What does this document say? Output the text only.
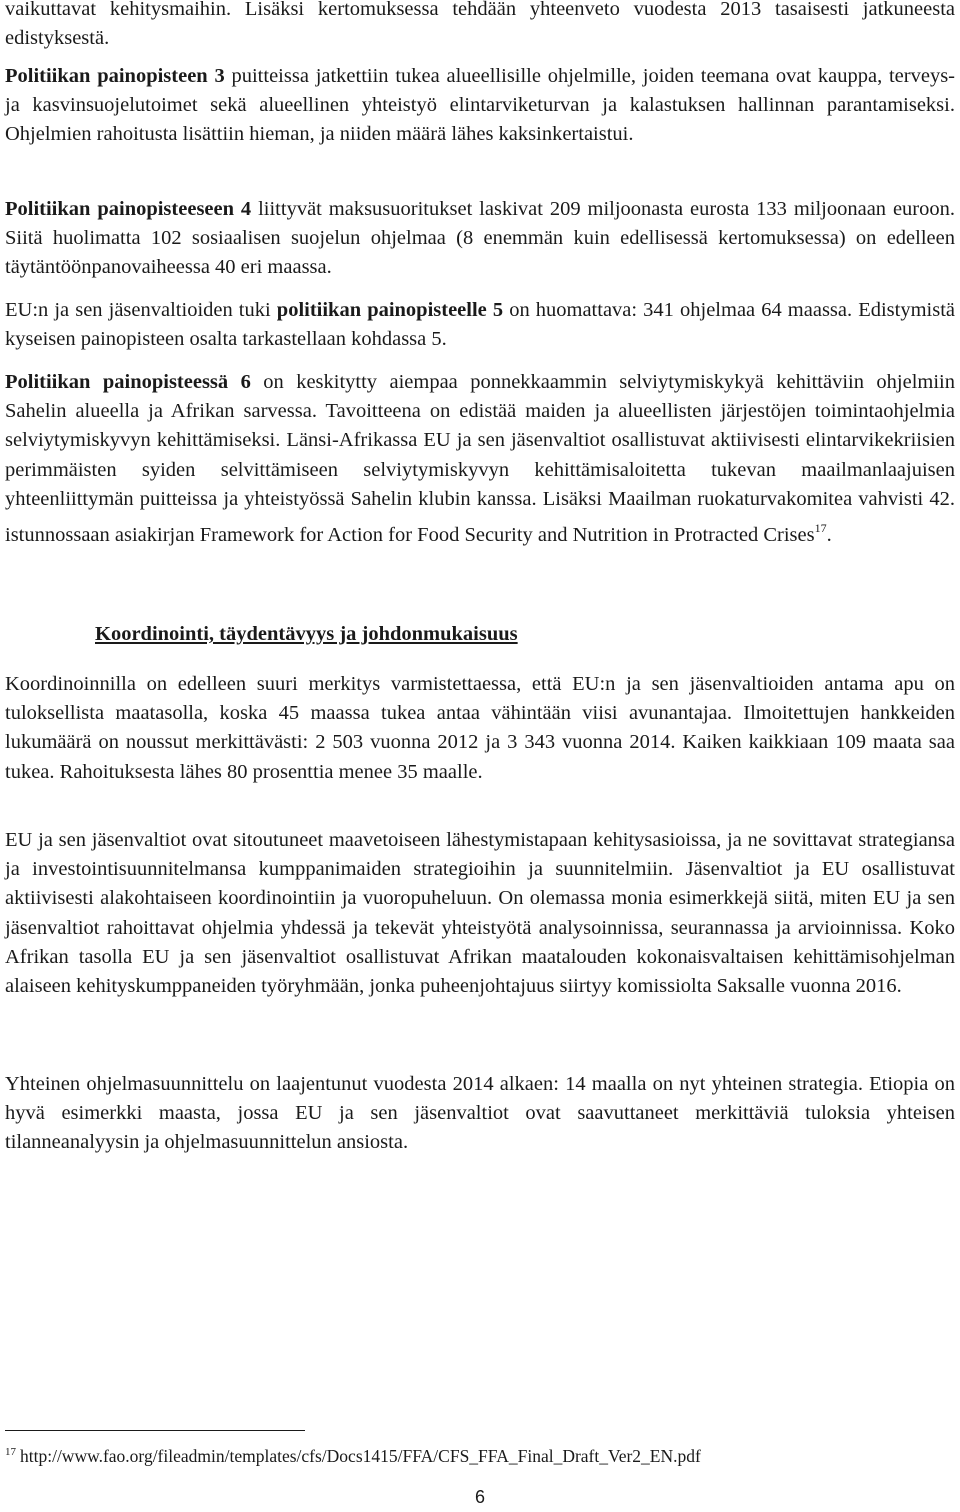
vaikuttavat kehitysmaihin. Lisäksi kertomuksessa tehdään yhteenveto vuodesta 2013 tasaisesti jatkuneesta edistyksestä.

Politiikan painopisteen 3 puitteissa jatkettiin tukea alueellisille ohjelmille, joiden teemana ovat kauppa, terveys- ja kasvinsuojelutoimet sekä alueellinen yhteistyö elintarviketurvan ja kalastuksen hallinnan parantamiseksi. Ohjelmien rahoitusta lisättiin hieman, ja niiden määrä lähes kaksinkertaistui.

Politiikan painopisteeseen 4 liittyvät maksusuoritukset laskivat 209 miljoonasta eurosta 133 miljoonaan euroon. Siitä huolimatta 102 sosiaalisen suojelun ohjelmaa (8 enemmän kuin edellisessä kertomuksessa) on edelleen täytäntöönpanovaiheessa 40 eri maassa.

EU:n ja sen jäsenvaltioiden tuki politiikan painopisteelle 5 on huomattava: 341 ohjelmaa 64 maassa. Edistymistä kyseisen painopisteen osalta tarkastellaan kohdassa 5.

Politiikan painopisteessä 6 on keskitytty aiempaa ponnekkaammin selviytymiskykyä kehittäviin ohjelmiin Sahelin alueella ja Afrikan sarvessa. Tavoitteena on edistää maiden ja alueellisten järjestöjen toimintaohjelmia selviytymiskyvyn kehittämiseksi. Länsi-Afrikassa EU ja sen jäsenvaltiot osallistuvat aktiivisesti elintarvikekriisien perimmäisten syiden selvittämiseen selviytymiskyvyn kehittämisaloitetta tukevan maailmanlaajuisen yhteenliittymän puitteissa ja yhteistyössä Sahelin klubin kanssa. Lisäksi Maailman ruokaturvakomitea vahvisti 42. istunnossaan asiakirjan Framework for Action for Food Security and Nutrition in Protracted Crises$^{17}$.

Koordinointi, täydentävyys ja johdonmukaisuus

Koordinoinnilla on edelleen suuri merkitys varmistettaessa, että EU:n ja sen jäsenvaltioiden antama apu on tuloksellista maatasolla, koska 45 maassa tukea antaa vähintään viisi avunantajaa. Ilmoitettujen hankkeiden lukumäärä on noussut merkittävästi: 2 503 vuonna 2012 ja 3 343 vuonna 2014. Kaiken kaikkiaan 109 maata saa tukea. Rahoituksesta lähes 80 prosenttia menee 35 maalle.

EU ja sen jäsenvaltiot ovat sitoutuneet maavetoiseen lähestymistapaan kehitysasioissa, ja ne sovittavat strategiansa ja investointisuunnitelmansa kumppanimaiden strategioihin ja suunnitelmiin. Jäsenvaltiot ja EU osallistuvat aktiivisesti alakohtaiseen koordinointiin ja vuoropuheluun. On olemassa monia esimerkkejä siitä, miten EU ja sen jäsenvaltiot rahoittavat ohjelmia yhdessä ja tekevät yhteistyötä analysoinnissa, seurannassa ja arvioinnissa. Koko Afrikan tasolla EU ja sen jäsenvaltiot osallistuvat Afrikan maatalouden kokonaisvaltaisen kehittämisohjelman alaiseen kehityskumppaneiden työryhmään, jonka puheenjohtajuus siirtyy komissiolta Saksalle vuonna 2016.

Yhteinen ohjelmasuunnittelu on laajentunut vuodesta 2014 alkaen: 14 maalla on nyt yhteinen strategia. Etiopia on hyvä esimerkki maasta, jossa EU ja sen jäsenvaltiot ovat saavuttaneet merkittäviä tuloksia yhteisen tilanneanalyysin ja ohjelmasuunnittelun ansiosta.

$^{17}$ http://www.fao.org/fileadmin/templates/cfs/Docs1415/FFA/CFS_FFA_Final_Draft_Ver2_EN.pdf
6
